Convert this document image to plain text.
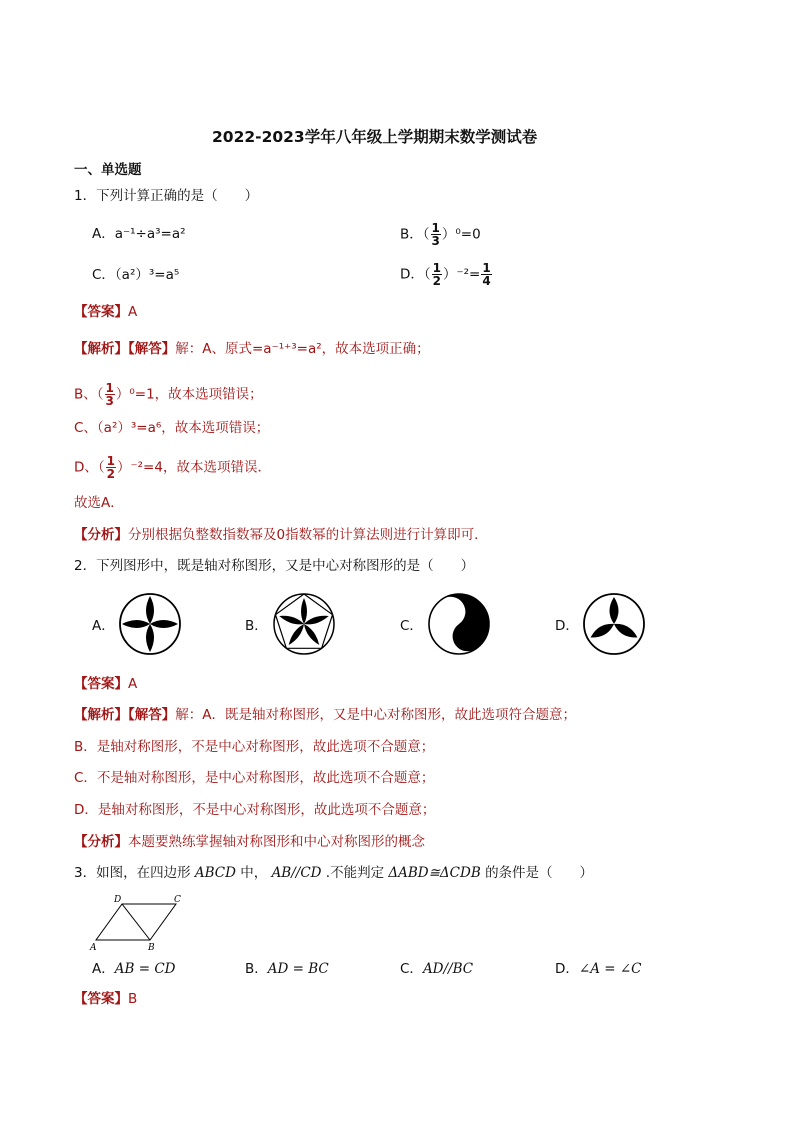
2022-2023学年八年级上学期期末数学测试卷
一、单选题
1．下列计算正确的是（　　）
A．a⁻¹÷a³=a²	B．（ $\frac{1}{3} )^0=0$
C．（a²）³=a⁵	D．（ $\frac{1}{2} )^{-2}= \frac{1}{4}$
【答案】A
【解析】【解答】解：A、原式=a⁻¹⁺³=a²，故本选项正确；
B、（ $\frac{1}{3} )^0=1$，故本选项错误；
C、（a²）³=a⁶，故本选项错误；
D、（ $\frac{1}{2} )^{-2}=4$，故本选项错误．
故选A．
【分析】分别根据负整数指数幂及0指数幂的计算法则进行计算即可．
2．下列图形中，既是轴对称图形，又是中心对称图形的是（　　）
A．	B．	C．	D．
【答案】A
【解析】【解答】解：A．既是轴对称图形，又是中心对称图形，故此选项符合题意；
B．是轴对称图形，不是中心对称图形，故此选项不合题意；
C．不是轴对称图形，是中心对称图形，故此选项不合题意；
D．是轴对称图形，不是中心对称图形，故此选项不合题意；
【分析】本题要熟练掌握轴对称图形和中心对称图形的概念
3．如图，在四边形 ABCD 中， AB//CD .不能判定 ΔABD≅ΔCDB 的条件是（　　）
A	B
C
D
A．AB = CD	B．AD = BC	C．AD//BC	D．∠A = ∠C
【答案】B
